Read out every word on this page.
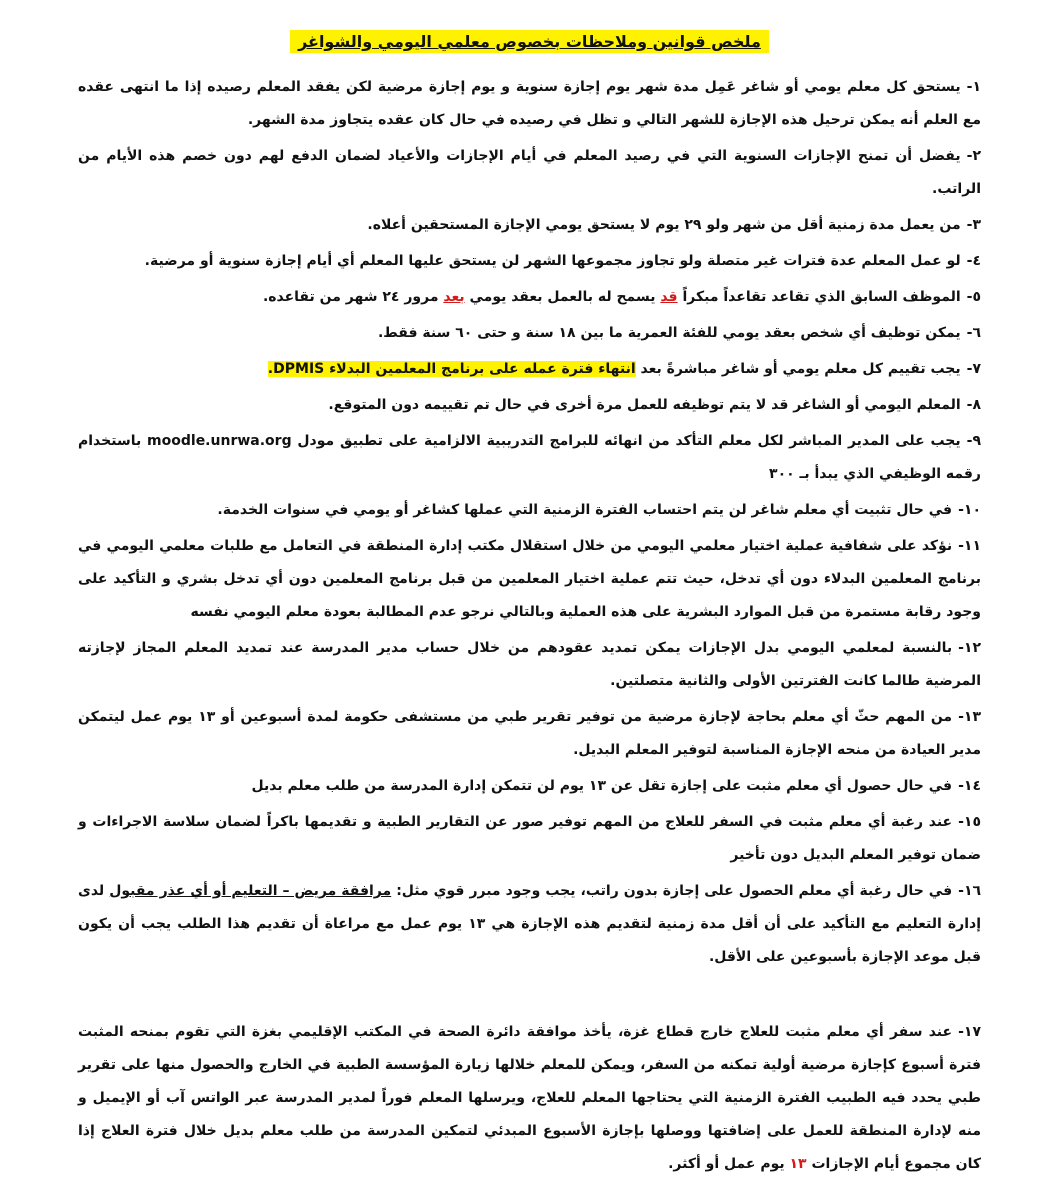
ملخص قوانين وملاحظات بخصوص معلمي اليومي والشواغر
١-يستحق كل معلم يومي أو شاغر عَمِل مدة شهر يوم إجازة سنوية و يوم إجازة مرضية لكن يفقد المعلم رصيده إذا ما انتهى عقده مع العلم أنه يمكن ترحيل هذه الإجازة للشهر التالي و تظل في رصيده في حال كان عقده يتجاوز مدة الشهر.
٢-يفضل أن تمنح الإجازات السنوية التي في رصيد المعلم في أيام الإجازات والأعياد لضمان الدفع لهم دون خصم هذه الأيام من الراتب.
٣-من يعمل مدة زمنية أقل من شهر ولو ٢٩ يوم لا يستحق يومي الإجازة المستحقين أعلاه.
٤-لو عمل المعلم عدة فترات غير متصلة ولو تجاوز مجموعها الشهر لن يستحق عليها المعلم أي أيام إجازة سنوية أو مرضية.
٥-الموظف السابق الذي تقاعد تقاعداً مبكراً قد يسمح له بالعمل بعقد يومي بعد مرور ٢٤ شهر من تقاعده.
٦-يمكن توظيف أي شخص بعقد يومي للفئة العمرية ما بين ١٨ سنة و حتى ٦٠ سنة فقط.
٧-يجب تقييم كل معلم يومي أو شاغر مباشرةً بعد انتهاء فترة عمله على برنامج المعلمين البدلاء DPMIS.
٨-المعلم اليومي أو الشاغر قد لا يتم توظيفه للعمل مرة أخرى في حال تم تقييمه دون المتوقع.
٩-يجب على المدير المباشر لكل معلم التأكد من انهائه للبرامج التدريبية الالزامية على تطبيق مودل moodle.unrwa.org باستخدام رقمه الوظيفي الذي يبدأ بـ ٣٠٠
١٠-في حال تثبيت أي معلم شاغر لن يتم احتساب الفترة الزمنية التي عملها كشاغر أو يومي في سنوات الخدمة.
١١-نؤكد على شفافية عملية اختيار معلمي اليومي من خلال استقلال مكتب إدارة المنطقة في التعامل مع طلبات معلمي اليومي في برنامج المعلمين البدلاء دون أي تدخل، حيث تتم عملية اختيار المعلمين من قبل برنامج المعلمين دون أي تدخل بشري و التأكيد على وجود رقابة مستمرة من قبل الموارد البشرية على هذه العملية وبالتالي نرجو عدم المطالبة بعودة معلم اليومي نفسه
١٢-بالنسبة لمعلمي اليومي بدل الإجازات يمكن تمديد عقودهم من خلال حساب مدير المدرسة عند تمديد المعلم المجاز لإجازته المرضية طالما كانت الفترتين الأولى والثانية متصلتين.
١٣-من المهم حثّ أي معلم بحاجة لإجازة مرضية من توفير تقرير طبي من مستشفى حكومة لمدة أسبوعين أو ١٣ يوم عمل ليتمكن مدير العيادة من منحه الإجازة المناسبة لتوفير المعلم البديل.
١٤-في حال حصول أي معلم مثبت على إجازة تقل عن ١٣ يوم لن تتمكن إدارة المدرسة من طلب معلم بديل
١٥-عند رغبة أي معلم مثبت في السفر للعلاج من المهم توفير صور عن التقارير الطبية و تقديمها باكراً لضمان سلاسة الاجراءات و ضمان توفير المعلم البديل دون تأخير
١٦-في حال رغبة أي معلم الحصول على إجازة بدون راتب، يجب وجود مبرر قوي مثل: مرافقة مريض – التعليم أو أي عذر مقبول لدى إدارة التعليم مع التأكيد على أن أقل مدة زمنية لتقديم هذه الإجازة هي ١٣ يوم عمل مع مراعاة أن تقديم هذا الطلب يجب أن يكون قبل موعد الإجازة بأسبوعين على الأقل.
١٧-عند سفر أي معلم مثبت للعلاج خارج قطاع غزة، يأخذ موافقة دائرة الصحة في المكتب الإقليمي بغزة التي تقوم بمنحه المثبت فترة أسبوع كإجازة مرضية أولية تمكنه من السفر، ويمكن للمعلم خلالها زيارة المؤسسة الطبية في الخارج والحصول منها على تقرير طبي يحدد فيه الطبيب الفترة الزمنية التي يحتاجها المعلم للعلاج، ويرسلها المعلم فوراً لمدير المدرسة عبر الواتس آب أو الإيميل و منه لإدارة المنطقة للعمل على إضافتها ووصلها بإجازة الأسبوع المبدئي لتمكين المدرسة من طلب معلم بديل خلال فترة العلاج إذا كان مجموع أيام الإجازات ١٣ يوم عمل أو أكثر.
